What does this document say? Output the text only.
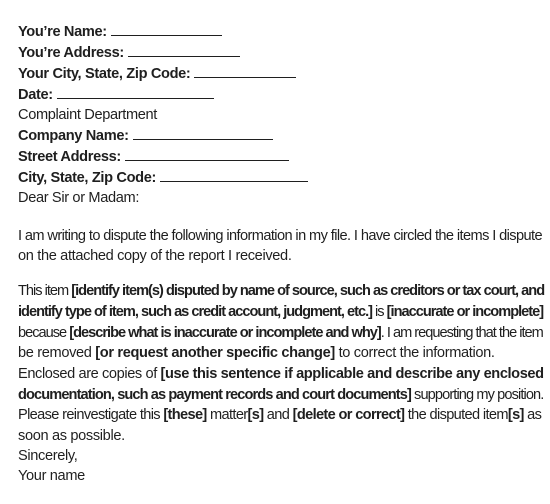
You’re Name:
You’re Address:
Your City, State, Zip Code:
Date:
Complaint Department
Company Name:
Street Address:
City, State, Zip Code:
Dear Sir or Madam:
I am writing to dispute the following information in my file. I have circled the items I dispute
on the attached copy of the report I received.
This item [identify item(s) disputed by name of source, such as creditors or tax court, and
identify type of item, such as credit account, judgment, etc.] is [inaccurate or incomplete]
because [describe what is inaccurate or incomplete and why]. I am requesting that the item
be removed [or request another specific change] to correct the information.
Enclosed are copies of [use this sentence if applicable and describe any enclosed
documentation, such as payment records and court documents] supporting my position.
Please reinvestigate this [these] matter[s] and [delete or correct] the disputed item[s] as
soon as possible.
Sincerely,
Your name
